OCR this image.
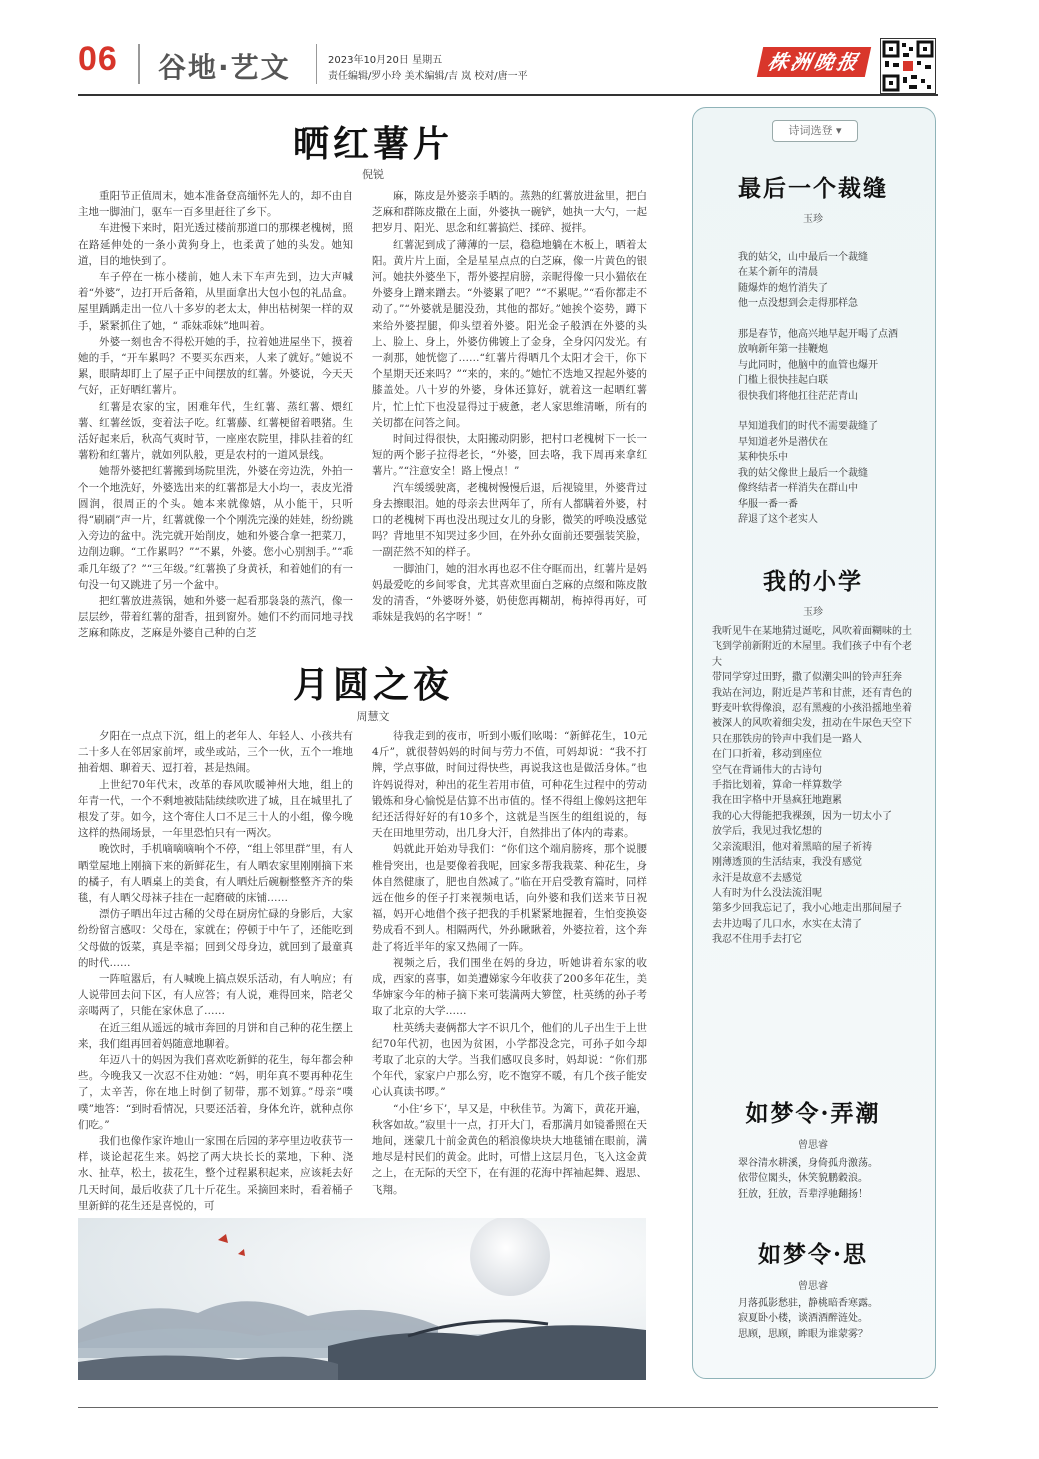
06 谷地·艺文	2023年10月20日 星期五
责任编辑/罗小玲 美术编辑/吉 岚 校对/唐一平
株洲晚报
晒红薯片
倪锐

重阳节正值周末，她本准备登高缅怀先人的，却不由自主地一脚油门，驱车一百多里赶往了乡下。

车进慢下来时，阳光透过楼前那道口的那棵老槐树，照在路延伸处的一条小黄狗身上，也柔黄了她的头发。她知道，目的地快到了。

车子停在一栋小楼前，她人未下车声先到，边大声喊着“外婆”，边打开后备箱，从里面拿出大包小包的礼品盒。屋里踽踽走出一位八十多岁的老太太，伸出枯树架一样的双手，紧紧抓住了她，“ 乖妹乖妹”地叫着。

外婆一刻也舍不得松开她的手，拉着她进屋坐下，摸着她的手，“开车累吗？不要买东西来，人来了就好。”她说不累，眼睛却盯上了屋子正中间摆放的红薯。外婆说，今天天气好，正好晒红薯片。

红薯是农家的宝，困难年代，生红薯、蒸红薯、煨红薯、红薯丝饭，变着法子吃。红薯藤、红薯梗留着喂猪。生活好起来后，秋高气爽时节，一座座农院里，排队挂着的红薯粉和红薯片，就如列队般，更是农村的一道风景线。

她帮外婆把红薯搬到场院里洗，外婆在旁边洗，外拍一个一个地洗好，外婆选出来的红薯都是大小均一，表皮光滑圆润，很周正的个头。她本来就像嬉，从小能干，只听得“刷刷”声一片，红薯就像一个个刚洗完澡的娃娃，纷纷跳入旁边的盆中。洗完就开始削皮，她和外婆合拿一把菜刀，边削边聊。“工作累吗？”“不累，外婆。您小心别割手。”“乖乖几年级了？”“三年级。”红薯换了身黄袄，和着她们的有一句没一句又跳进了另一个盆中。

把红薯放进蒸锅，她和外婆一起看那袅袅的蒸汽，像一层层纱，带着红薯的甜香，扭到窗外。她们不约而同地寻找芝麻和陈皮，芝麻是外婆自己种的白芝

麻，陈皮是外婆亲手晒的。蒸熟的红薯放进盆里，把白芝麻和群陈皮撒在上面，外婆执一碗铲，她执一大勺，一起把岁月、阳光、思念和红薯搞烂、揉碎、搅拌。

红薯泥到成了薄薄的一层，稳稳地躺在木板上，晒着太阳。黄片片上面，全是星星点点的白芝麻，像一片黄色的银河。她扶外婆坐下，帮外婆捏肩膀，亲昵得像一只小猫依在外婆身上蹭来蹭去。“外婆累了吧？”“不累呢。”“看你都走不动了。”“外婆就是腿没劲，其他的都好。”她挨个姿势，蹲下来给外婆捏腿，仰头望着外婆。阳光金子般洒在外婆的头上、脸上、身上，外婆仿佛镀上了金身，全身闪闪发光。有一刹那，她恍惚了……“红薯片得晒几个太阳才会干，你下个星期天还来吗？”“来的，来的。”她忙不迭地又捏起外婆的膝盖处。八十岁的外婆，身体还算好，就着这一起晒红薯片，忙上忙下也没显得过于疲惫，老人家思维清晰，所有的关切都在问答之间。

时间过得很快，太阳搬动阴影，把村口老槐树下一长一短的两个影子拉得老长，“外婆，回去咯，我下周再来拿红薯片。”“注意安全！路上慢点！”

汽车缓缓驶离，老槐树慢慢后退，后视镜里，外婆背过身去擦眼泪。她的母亲去世两年了，所有人都瞒着外婆，村口的老槐树下再也没出现过女儿的身影，微笑的呼唤没感觉吗？背地里不知哭过多少回，在外孙女面前还要强装笑脸，一副茫然不知的样子。

一脚油门，她的泪水再也忍不住夺眶而出，红薯片是妈妈最爱吃的乡间零食，尤其喜欢里面白芝麻的点缀和陈皮散发的清香，“外婆呀外婆，奶使您再糊胡，梅掉得再好，可乖妹是我妈的名字呀！”

月圆之夜
周慧文

夕阳在一点点下沉，组上的老年人、年轻人、小孩共有二十多人在邻居家前坪，或坐或站，三个一伙，五个一堆地抽着烟、聊着天、逗打着，甚是热闹。

上世纪70年代末，改革的春风吹暖神州大地，组上的年青一代，一个不剩地被陆陆续续吹进了城，且在城里扎了根发了芽。如今，这个寄住人口不足三十人的小组，像今晚这样的热闹场景，一年里恐怕只有一两次。

晚饮时，手机嘀嘀嘀响个不停，“组上邻里群”里，有人晒堂屋地上刚摘下来的新鲜花生，有人晒农家里刚刚摘下来的橘子，有人晒桌上的美食，有人晒灶后碗橱整整齐齐的柴毯，有人晒父母袜子挂在一起磨破的床铺……

漂仿子晒出年过古稀的父母在厨房忙碌的身影后，大家纷纷留言感叹：父母在，家就在；停顿于中午了，还能吃到父母做的饭菜，真是幸福；回到父母身边，就回到了最童真的时代……

一阵喧嚣后，有人喊晚上搞点娱乐活动，有人响应；有人说带回去问下区，有人应答；有人说，难得回来，陪老父亲喝两了，只能在家休息了……

在近三组从遥远的城市奔回的月饼和自己种的花生摆上来，我们组再回着妈随意地聊着。

年迈八十的妈因为我们喜欢吃新鲜的花生，每年都会种些。今晚我又一次忍不住劝她：“妈，明年真不要再种花生了，太辛苦，你在地上时倒了韧带，那不划算。”母亲“噗噗”地答：“到时看情况，只要还活着，身体允许，就种点你们吃。”

我们也像作家许地山一家围在后园的茅亭里边收获节一样，谈论起花生来。妈挖了两大块长长的菜地，下种、浇水、扯草，松土，拔花生，整个过程累积起来，应该耗去好几天时间，最后收获了几十斤花生。采摘回来时，看着桶子里新鲜的花生还是喜悦的，可

待我走到的夜市，听到小贩们吆喝：“新鲜花生，10元4斤”，就很替妈妈的时间与劳力不值，可妈却说：“我不打牌，学点事做，时间过得快些，再说我这也是做活身体。”也许妈说得对，种出的花生若用市值，可种花生过程中的劳动锻炼和身心愉悦是估算不出市值的。怪不得组上像妈这把年纪还活得好好的有10多个，这就是当医生的组组说的，每天在田地里劳动，出几身大汗，自然排出了体内的毒素。

妈就此开始劝导我们：“你们这个端肩膀疼，那个说腰椎骨突出，也是要像着我呢，回家多帮我栽菜、种花生，身体自然健康了，肥也自然减了。”临在开启受教育篇时，同样远在他乡的侄子打来视频电话，向外婆和我们送来节日祝福，妈开心地借个孩子把我的手机紧紧地握着，生怕变换姿势成看不到人。相隔两代，外孙瞅瞅着，外婆拉着，这个奔赴了将近半年的家又热闹了一阵。

视频之后，我们围坐在妈的身边，听她讲着东家的收成，西家的喜事，如美遭娣家今年收获了200多年花生，美华婶家今年的柿子摘下来可装满两大箩筐，杜英绣的孙子考取了北京的大学……

杜英绣夫妻俩都大字不识几个，他们的儿子出生于上世纪70年代初，也因为贫困，小学都没念完，可孙子如今却考取了北京的大学。当我们感叹良多时，妈却说：“你们那个年代，家家户户那么穷，吃不饱穿不暖，有几个孩子能安心认真读书啰。”

“小住‘乡下’，早又是，中秋佳节。为篱下，黄花开遍，秋客如故。”寂里十一点，打开大门，看那满月如镜番照在天地间，迷蒙几十前金黄色的稻浪像块块大地毯铺在眼前，满地尽是村民们的黄金。此时，可惜上这层月色，飞入这金黄之上，在无际的天空下，在有涯的花海中挥袖起舞、遐思、飞翔。

诗词选登 ▾
最后一个裁缝
玉珍
我的姑父，山中最后一个裁缝
在某个新年的清晨
随爆炸的炮竹消失了
他一点没想到会走得那样急

那是春节，他高兴地早起开喝了点酒
放响新年第一挂鞭炮
与此同时，他脑中的血管也爆开
门槛上很快挂起白联
很快我们将他扛往茫茫青山

早知道我们的时代不需要裁缝了
早知道老外是潜伏在
某种快乐中
我的姑父像世上最后一个裁缝
像终结者一样消失在群山中
华服一番一番
辞退了这个老实人
我的小学
玉珍
我听见牛在某地猜过诞吃，风吹着面糊味的土
飞到学前新附近的木屋里。我们孩子中有个老大
带同学穿过田野，撒了似潮尖叫的铃声狂奔
我站在河边，附近是芦苇和甘蔗，还有青色的
野麦叶软得像浪，忍有黑瘦的小孩沿摇地坐着
被深人的风吹着细尖发，扭动在牛尿色天空下
只在那铁房的铃声中我们是一路人
在门口折着，移动到座位
空气在背诵伟大的古诗句
手指比划着，算命一样算数学
我在田字格中开垦疯狂地跑累
我的心大得能把我裸颈，因为一切太小了
放学后，我见过我忆想的
父亲流眼泪，他对着黑暗的屋子祈祷
刚薄透顶的生活结束，我没有感觉
永汗是故意不去感觉
人有时为什么没法流泪呢
第多少回我忘记了，我小心地走出那间屋子
去井边喝了几口水，水实在太清了
我忍不住用手去打它
如梦令·弄潮
曾思睿
翠谷清水耕溪，身倚孤舟激荡。
依带位閣头，休笑貌鹏穀浪。
狂放，狂放，吾辈浮驰翻扬！
如梦令·思
曾思睿
月落孤影愁驻，静桃暗香寒露。
寂夏卧小楼，谈酒酒醉涟处。
思顾，思顾，眸眼为谁蒙雾？
